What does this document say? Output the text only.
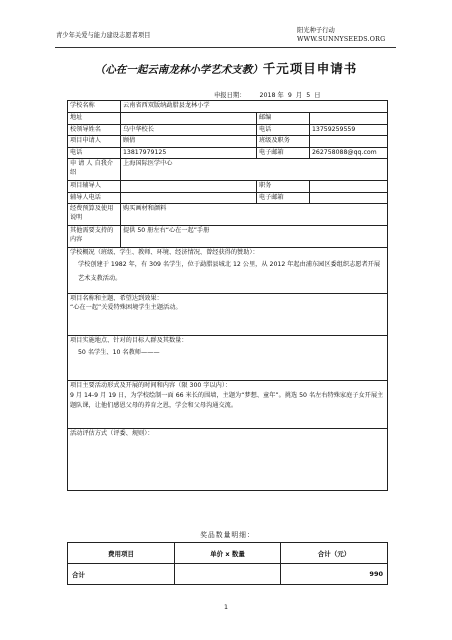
青少年关爱与能力建设志愿者项目
阳光种子行动
WWW.SUNNYSEEDS.ORG
（心在一起云南龙林小学艺术支教）千元项目申请书
申报日期： 2018 年 9 月 5 日
学校名称	云南省西双版纳勐腊县龙林小学		
地址		邮编	
校领导姓名	乌中华校长	电话	13759259559
项目申请人	顾倩	班级及职务	
电话	13817979125	电子邮箱	262758088@qq.com
申 请 人 自我介绍	上海国际医学中心		
项目辅导人		职务	
辅导人电话		电子邮箱	
经费预算及使用说明	购买画材和颜料		
其他需要支持的内容	提供 50 册左右“心在一起”手册		

学校概况（班级、学生、教师、环境、经济情况、曾经获得的赞助）：
学校创建于 1982 年，有 309 名学生，位于勐腊县城北 12 公里，从 2012 年起由浦东园区委组织志愿者开展艺术支教活动。			

项目名称和主题、希望达到效果：
“心在一起”关爱特殊困境学生主题活动。			

项目实施地点、针对的目标人群及其数量：
50 名学生、10 名教师———			

项目主要活动形式及开展的时间和内容（限 300 字以内）：
9 月 14-9 月 19 日，为学校绘制一面 66 米长的围墙，主题为“梦想、童年”。挑选 50 名左右特殊家庭子女开展主题队课，让他们感恩父母的养育之恩，学会和父母沟通交流。			

活动评估方式（评委、规则）：			
奖品数量明细：		
费用项目	单价 x 数量	合计（元）
合计		990
1
